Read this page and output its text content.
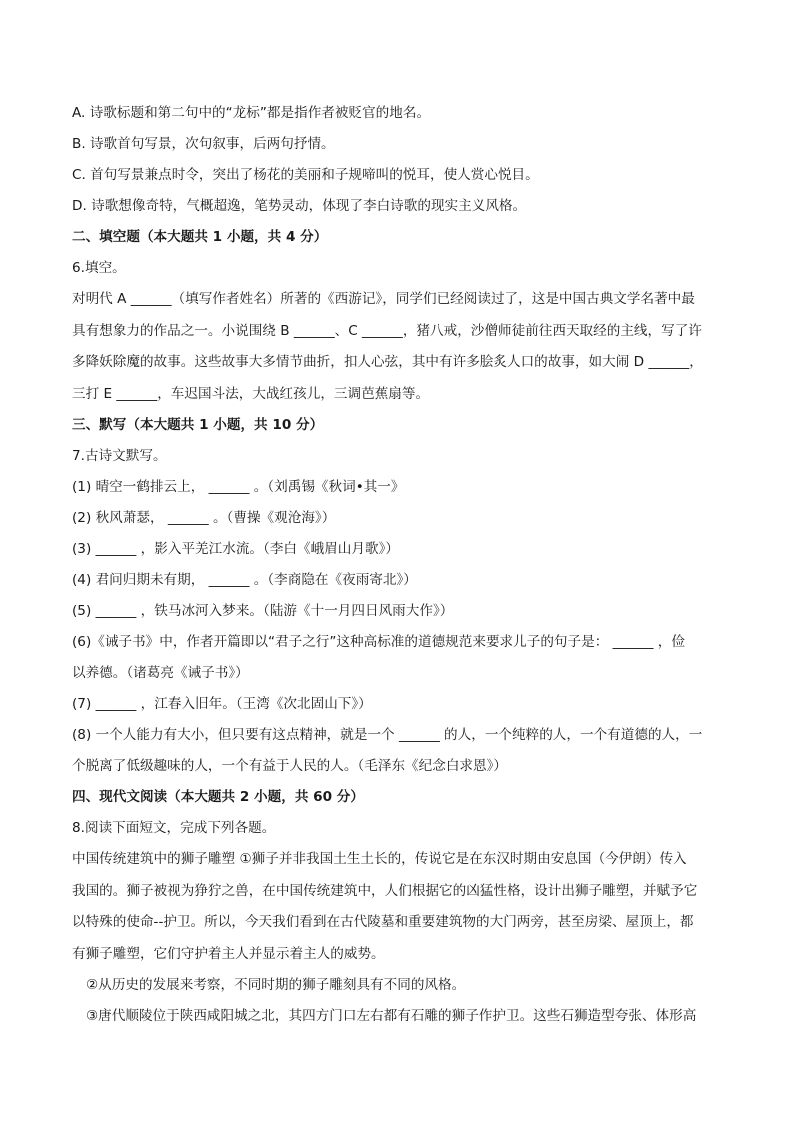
A. 诗歌标题和第二句中的“龙标”都是指作者被贬官的地名。
B. 诗歌首句写景，次句叙事，后两句抒情。
C. 首句写景兼点时令，突出了杨花的美丽和子规啼叫的悦耳，使人赏心悦目。
D. 诗歌想像奇特，气概超逸，笔势灵动，体现了李白诗歌的现实主义风格。
二、填空题（本大题共 1 小题，共 4 分）
6.填空。
对明代 A ______（填写作者姓名）所著的《西游记》，同学们已经阅读过了，这是中国古典文学名著中最
具有想象力的作品之一。小说围绕 B ______、C ______，猪八戒，沙僧师徒前往西天取经的主线，写了许
多降妖除魔的故事。这些故事大多情节曲折，扣人心弦，其中有许多脍炙人口的故事，如大闹 D ______，
三打 E ______，车迟国斗法，大战红孩儿，三调芭蕉扇等。
三、默写（本大题共 1 小题，共 10 分）
7.古诗文默写。
(1) 晴空一鹤排云上， ______ 。（刘禹锡《秋词•其一》
(2) 秋风萧瑟， ______ 。（曹操《观沧海》）
(3) ______ ，影入平羌江水流。（李白《峨眉山月歌》）
(4) 君问归期未有期， ______ 。（李商隐在《夜雨寄北》）
(5) ______ ，铁马冰河入梦来。（陆游《十一月四日风雨大作》）
(6)《诫子书》中，作者开篇即以“君子之行”这种高标准的道德规范来要求儿子的句子是： ______ ，俭
以养德。（诸葛亮《诫子书》）
(7) ______ ，江春入旧年。（王湾《次北固山下》）
(8) 一个人能力有大小，但只要有这点精神，就是一个 ______ 的人，一个纯粹的人，一个有道德的人，一
个脱离了低级趣味的人，一个有益于人民的人。（毛泽东《纪念白求恩》）
四、现代文阅读（本大题共 2 小题，共 60 分）
8.阅读下面短文，完成下列各题。
中国传统建筑中的狮子雕塑 ①狮子并非我国土生土长的，传说它是在东汉时期由安息国（今伊朗）传入
我国的。狮子被视为狰狞之兽，在中国传统建筑中，人们根据它的凶猛性格，设计出狮子雕塑，并赋予它
以特殊的使命--护卫。所以，今天我们看到在古代陵墓和重要建筑物的大门两旁，甚至房梁、屋顶上，都
有狮子雕塑，它们守护着主人并显示着主人的威势。
②从历史的发展来考察，不同时期的狮子雕刻具有不同的风格。
③唐代顺陵位于陕西咸阳城之北，其四方门口左右都有石雕的狮子作护卫。这些石狮造型夸张、体形高
